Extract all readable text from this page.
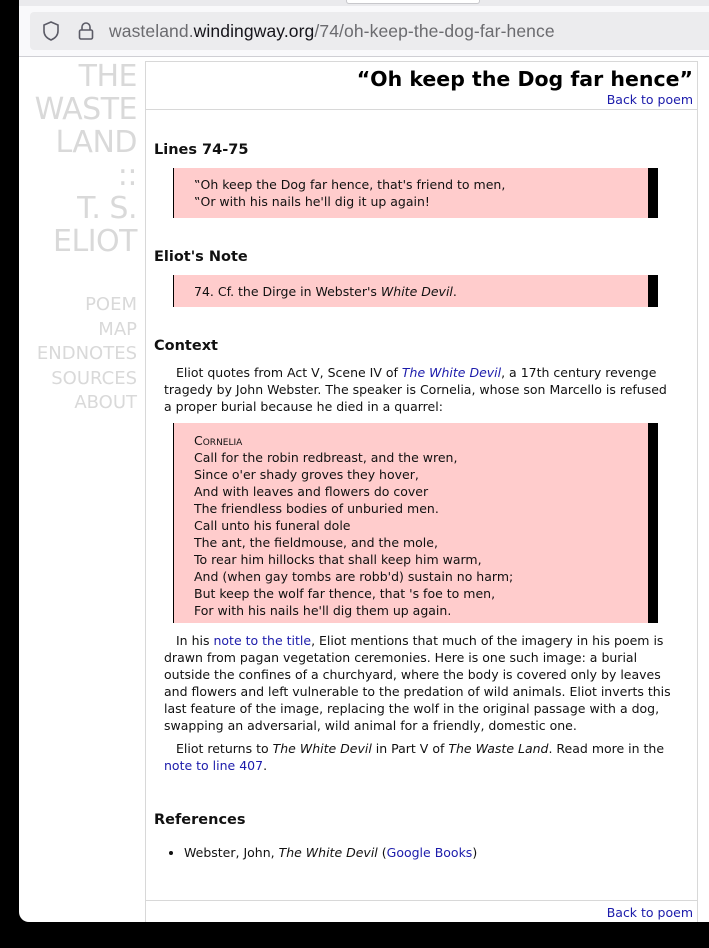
wasteland.windingway.org/74/oh-keep-the-dog-far-hence
THE
WASTE
LAND
::
T. S.
ELIOT
POEM
MAP
ENDNOTES
SOURCES
ABOUT
“Oh keep the Dog far hence”
Back to poem
Lines 74-75
‟Oh keep the Dog far hence, that's friend to men,
‟Or with his nails he'll dig it up again!
Eliot's Note
74. Cf. the Dirge in Webster's White Devil.
Context

Eliot quotes from Act V, Scene IV of The White Devil, a 17th century revenge tragedy by John Webster. The speaker is Cornelia, whose son Marcello is refused a proper burial because he died in a quarrel:

Cornelia
Call for the robin redbreast, and the wren,
Since o'er shady groves they hover,
And with leaves and flowers do cover
The friendless bodies of unburied men.
Call unto his funeral dole
The ant, the fieldmouse, and the mole,
To rear him hillocks that shall keep him warm,
And (when gay tombs are robb'd) sustain no harm;
But keep the wolf far thence, that 's foe to men,
For with his nails he'll dig them up again.

In his note to the title, Eliot mentions that much of the imagery in his poem is drawn from pagan vegetation ceremonies. Here is one such image: a burial outside the confines of a churchyard, where the body is covered only by leaves and flowers and left vulnerable to the predation of wild animals. Eliot inverts this last feature of the image, replacing the wolf in the original passage with a dog, swapping an adversarial, wild animal for a friendly, domestic one.

Eliot returns to The White Devil in Part V of The Waste Land. Read more in the note to line 407.

References
• Webster, John, The White Devil (Google Books)
Back to poem
